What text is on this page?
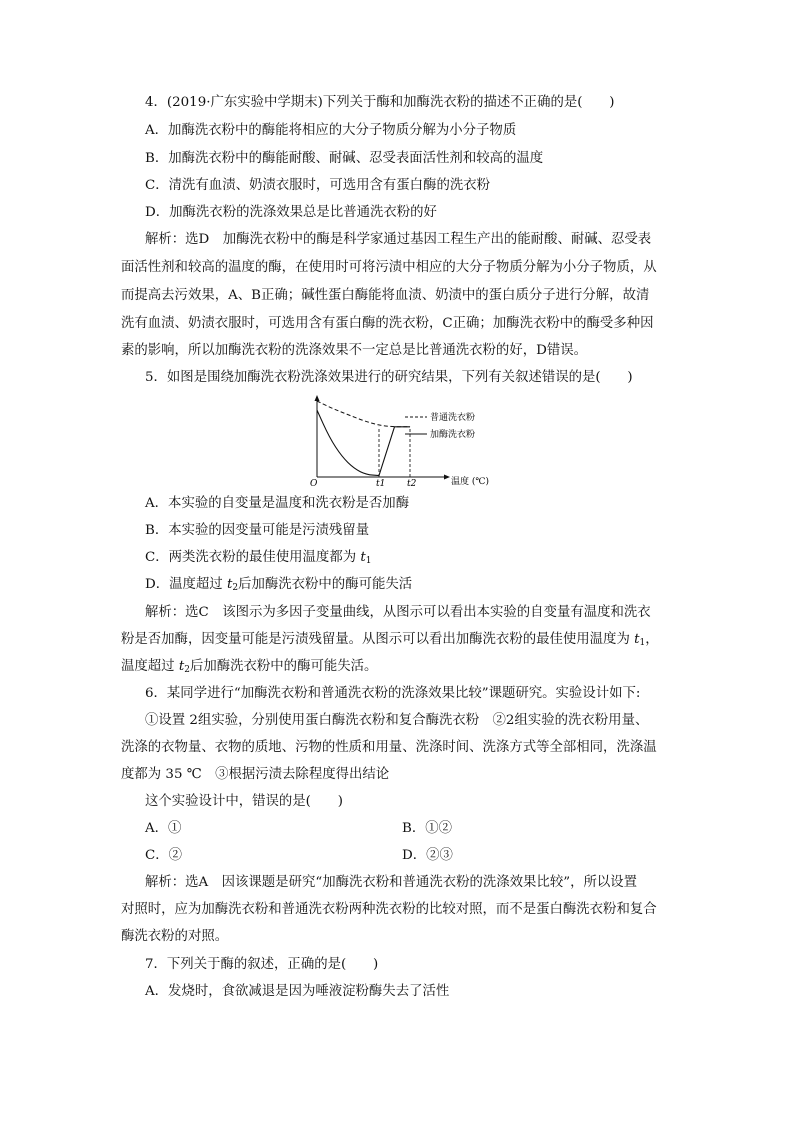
4．(2019·广东实验中学期末)下列关于酶和加酶洗衣粉的描述不正确的是(　　)
A．加酶洗衣粉中的酶能将相应的大分子物质分解为小分子物质
B．加酶洗衣粉中的酶能耐酸、耐碱、忍受表面活性剂和较高的温度
C．清洗有血渍、奶渍衣服时，可选用含有蛋白酶的洗衣粉
D．加酶洗衣粉的洗涤效果总是比普通洗衣粉的好
解析：选D　加酶洗衣粉中的酶是科学家通过基因工程生产出的能耐酸、耐碱、忍受表
面活性剂和较高的温度的酶，在使用时可将污渍中相应的大分子物质分解为小分子物质，从
而提高去污效果，A、B正确；碱性蛋白酶能将血渍、奶渍中的蛋白质分子进行分解，故清
洗有血渍、奶渍衣服时，可选用含有蛋白酶的洗衣粉，C正确；加酶洗衣粉中的酶受多种因
素的影响，所以加酶洗衣粉的洗涤效果不一定总是比普通洗衣粉的好，D错误。
5．如图是围绕加酶洗衣粉洗涤效果进行的研究结果，下列有关叙述错误的是(　　)
O	t1 t2	温度 (℃)
普通洗衣粉
加酶洗衣粉
A．本实验的自变量是温度和洗衣粉是否加酶
B．本实验的因变量可能是污渍残留量
C．两类洗衣粉的最佳使用温度都为 $t_1$
D．温度超过 $t_2$后加酶洗衣粉中的酶可能失活
解析：选C　该图示为多因子变量曲线，从图示可以看出本实验的自变量有温度和洗衣
粉是否加酶，因变量可能是污渍残留量。从图示可以看出加酶洗衣粉的最佳使用温度为 $t_1$，
温度超过 $t_2$后加酶洗衣粉中的酶可能失活。
6．某同学进行“加酶洗衣粉和普通洗衣粉的洗涤效果比较”课题研究。实验设计如下:
①设置 2组实验，分别使用蛋白酶洗衣粉和复合酶洗衣粉　②2组实验的洗衣粉用量、
洗涤的衣物量、衣物的质地、污物的性质和用量、洗涤时间、洗涤方式等全部相同，洗涤温
度都为 35 ℃　③根据污渍去除程度得出结论
这个实验设计中，错误的是(　　)
A．①	B．①②
C．②	D．②③
解析：选A　因该课题是研究“加酶洗衣粉和普通洗衣粉的洗涤效果比较”，所以设置
对照时，应为加酶洗衣粉和普通洗衣粉两种洗衣粉的比较对照，而不是蛋白酶洗衣粉和复合
酶洗衣粉的对照。
7．下列关于酶的叙述，正确的是(　　)
A．发烧时，食欲减退是因为唾液淀粉酶失去了活性
